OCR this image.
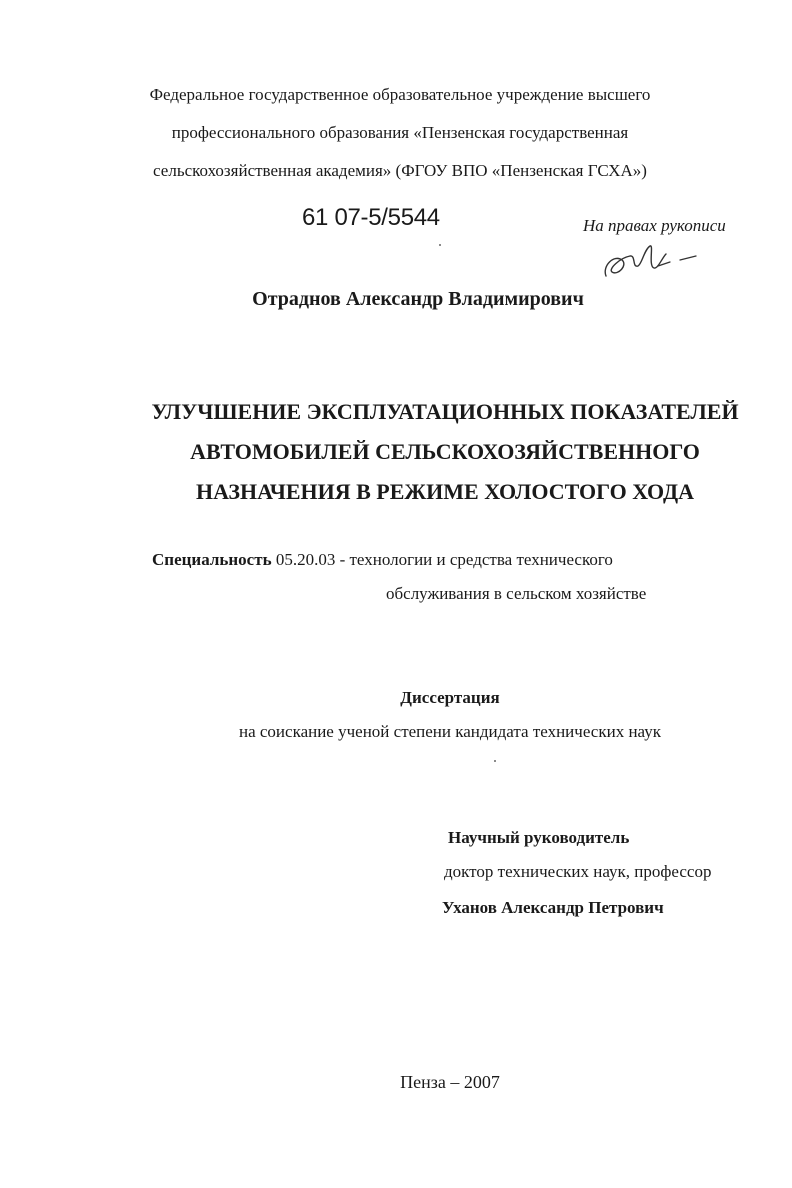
Федеральное государственное образовательное учреждение высшего
профессионального образования «Пензенская государственная
сельскохозяйственная академия» (ФГОУ ВПО «Пензенская ГСХА»)
61 07-5/5544	На правах рукописи
Отраднов Александр Владимирович
УЛУЧШЕНИЕ ЭКСПЛУАТАЦИОННЫХ ПОКАЗАТЕЛЕЙ
АВТОМОБИЛЕЙ СЕЛЬСКОХОЗЯЙСТВЕННОГО
НАЗНАЧЕНИЯ В РЕЖИМЕ ХОЛОСТОГО ХОДА
Специальность 05.20.03 - технологии и средства технического
обслуживания в сельском хозяйстве
Диссертация
на соискание ученой степени кандидата технических наук
Научный руководитель
доктор технических наук, профессор
Уханов Александр Петрович
Пенза – 2007
